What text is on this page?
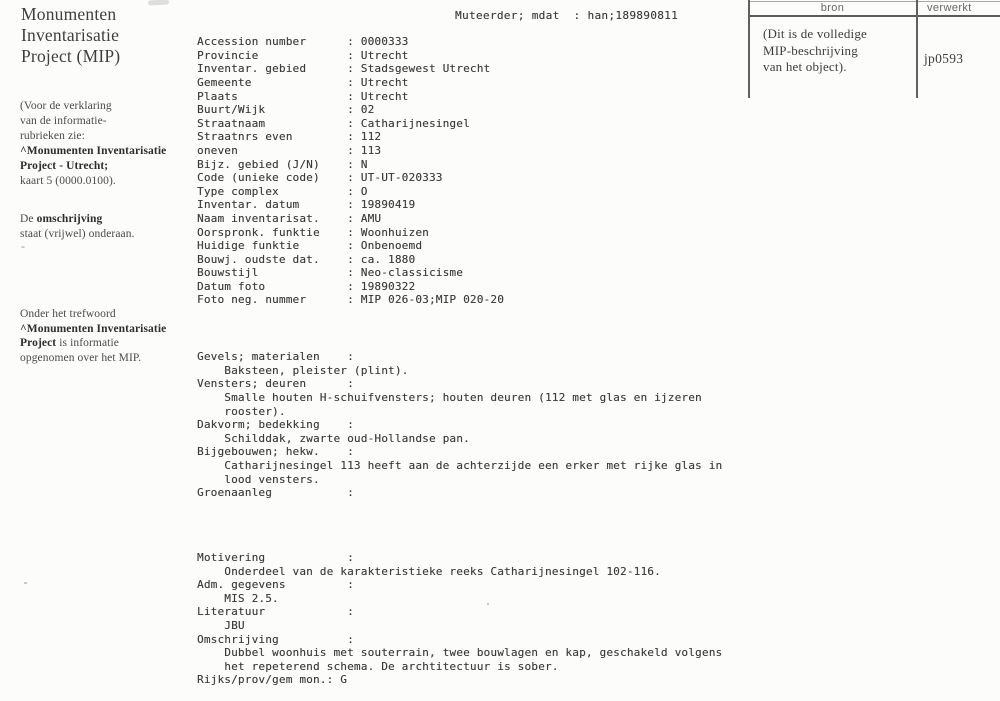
Monumenten
Inventarisatie
Project (MIP)
(Voor de verklaring
van de informatie-
rubrieken zie:
^Monumenten Inventarisatie
Project - Utrecht;
kaart 5 (0000.0100).
De omschrijving
staat (vrijwel) onderaan.
-
Onder het trefwoord
^Monumenten Inventarisatie
Project is informatie
opgenomen over het MIP.

Accession number      : 0000333
Provincie             : Utrecht
Inventar. gebied      : Stadsgewest Utrecht
Gemeente              : Utrecht
Plaats                : Utrecht
Buurt/Wijk            : 02
Straatnaam            : Catharijnesingel
Straatnrs even        : 112
oneven                : 113
Bijz. gebied (J/N)    : N
Code (unieke code)    : UT-UT-020333
Type complex          : O
Inventar. datum       : 19890419
Naam inventarisat.    : AMU
Oorspronk. funktie    : Woonhuizen
Huidige funktie       : Onbenoemd
Bouwj. oudste dat.    : ca. 1880
Bouwstijl             : Neo-classicisme
Datum foto            : 19890322
Foto neg. nummer      : MIP 026-03;MIP 020-20

Gevels; materialen    :
Baksteen, pleister (plint).
Vensters; deuren      :
Smalle houten H-schuifvensters; houten deuren (112 met glas en ijzeren
rooster).
Dakvorm; bedekking    :
Schilddak, zwarte oud-Hollandse pan.
Bijgebouwen; hekw.    :
Catharijnesingel 113 heeft aan de achterzijde een erker met rijke glas in
lood vensters.
Groenaanleg           :

Motivering            :
Onderdeel van de karakteristieke reeks Catharijnesingel 102-116.
Adm. gegevens         :
MIS 2.5.
Literatuur            :
JBU
Omschrijving          :
Dubbel woonhuis met souterrain, twee bouwlagen en kap, geschakeld volgens
het repeterend schema. De archtitectuur is sober.
Rijks/prov/gem mon.: G

Muteerder; mdat  : han;189890811
bron	verwerkt
(Dit is de volledige
MIP-beschrijving
van het object).
jp0593
